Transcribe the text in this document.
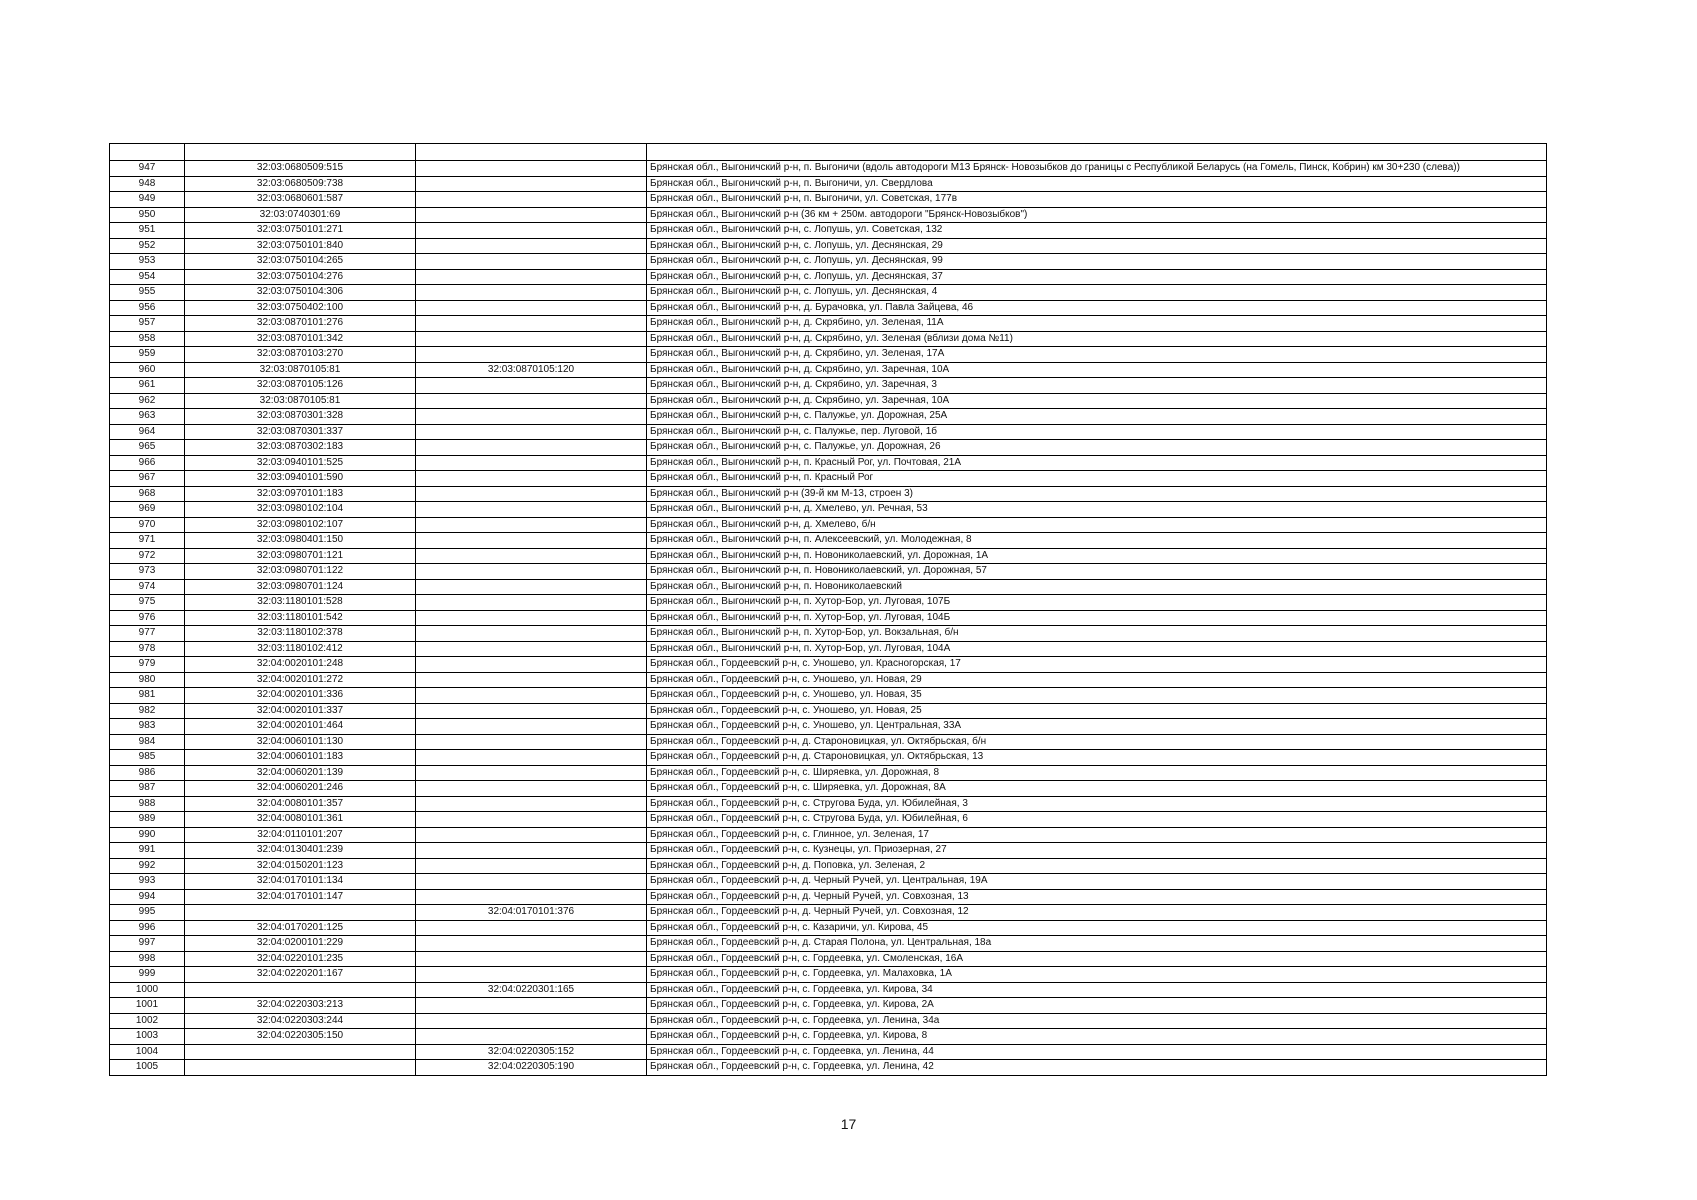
947	32:03:0680509:515		Брянская обл., Выгоничский р-н, п. Выгоничи (вдоль автодороги М13 Брянск- Новозыбков до границы с Республикой Беларусь (на Гомель, Пинск, Кобрин) км 30+230 (слева))
948	32:03:0680509:738		Брянская обл., Выгоничский р-н, п. Выгоничи, ул. Свердлова
949	32:03:0680601:587		Брянская обл., Выгоничский р-н, п. Выгоничи, ул. Советская, 177в
950	32:03:0740301:69		Брянская обл., Выгоничский р-н (36 км + 250м. автодороги "Брянск-Новозыбков")
951	32:03:0750101:271		Брянская обл., Выгоничский р-н, с. Лопушь, ул. Советская, 132
952	32:03:0750101:840		Брянская обл., Выгоничский р-н, с. Лопушь, ул. Деснянская, 29
953	32:03:0750104:265		Брянская обл., Выгоничский р-н, с. Лопушь, ул. Деснянская, 99
954	32:03:0750104:276		Брянская обл., Выгоничский р-н, с. Лопушь, ул. Деснянская, 37
955	32:03:0750104:306		Брянская обл., Выгоничский р-н, с. Лопушь, ул. Деснянская, 4
956	32:03:0750402:100		Брянская обл., Выгоничский р-н, д. Бурачовка, ул. Павла Зайцева, 46
957	32:03:0870101:276		Брянская обл., Выгоничский р-н, д. Скрябино, ул. Зеленая, 11А
958	32:03:0870101:342		Брянская обл., Выгоничский р-н, д. Скрябино, ул. Зеленая (вблизи дома №11)
959	32:03:0870103:270		Брянская обл., Выгоничский р-н, д. Скрябино, ул. Зеленая, 17А
960	32:03:0870105:81	32:03:0870105:120	Брянская обл., Выгоничский р-н, д. Скрябино, ул. Заречная, 10А
961	32:03:0870105:126		Брянская обл., Выгоничский р-н, д. Скрябино, ул. Заречная, 3
962	32:03:0870105:81		Брянская обл., Выгоничский р-н, д. Скрябино, ул. Заречная, 10А
963	32:03:0870301:328		Брянская обл., Выгоничский р-н, с. Палужье, ул. Дорожная, 25А
964	32:03:0870301:337		Брянская обл., Выгоничский р-н, с. Палужье, пер. Луговой, 1б
965	32:03:0870302:183		Брянская обл., Выгоничский р-н, с. Палужье, ул. Дорожная, 26
966	32:03:0940101:525		Брянская обл., Выгоничский р-н, п. Красный Рог, ул. Почтовая, 21А
967	32:03:0940101:590		Брянская обл., Выгоничский р-н, п. Красный Рог
968	32:03:0970101:183		Брянская обл., Выгоничский р-н (39-й км М-13, строен 3)
969	32:03:0980102:104		Брянская обл., Выгоничский р-н, д. Хмелево, ул. Речная, 53
970	32:03:0980102:107		Брянская обл., Выгоничский р-н, д. Хмелево, б/н
971	32:03:0980401:150		Брянская обл., Выгоничский р-н, п. Алексеевский, ул. Молодежная, 8
972	32:03:0980701:121		Брянская обл., Выгоничский р-н, п. Новониколаевский, ул. Дорожная, 1А
973	32:03:0980701:122		Брянская обл., Выгоничский р-н, п. Новониколаевский, ул. Дорожная, 57
974	32:03:0980701:124		Брянская обл., Выгоничский р-н, п. Новониколаевский
975	32:03:1180101:528		Брянская обл., Выгоничский р-н, п. Хутор-Бор, ул. Луговая, 107Б
976	32:03:1180101:542		Брянская обл., Выгоничский р-н, п. Хутор-Бор, ул. Луговая, 104Б
977	32:03:1180102:378		Брянская обл., Выгоничский р-н, п. Хутор-Бор, ул. Вокзальная, б/н
978	32:03:1180102:412		Брянская обл., Выгоничский р-н, п. Хутор-Бор, ул. Луговая, 104А
979	32:04:0020101:248		Брянская обл., Гордеевский р-н, с. Уношево, ул. Красногорская, 17
980	32:04:0020101:272		Брянская обл., Гордеевский р-н, с. Уношево, ул. Новая, 29
981	32:04:0020101:336		Брянская обл., Гордеевский р-н, с. Уношево, ул. Новая, 35
982	32:04:0020101:337		Брянская обл., Гордеевский р-н, с. Уношево, ул. Новая, 25
983	32:04:0020101:464		Брянская обл., Гордеевский р-н, с. Уношево, ул. Центральная, 33А
984	32:04:0060101:130		Брянская обл., Гордеевский р-н, д. Староновицкая, ул. Октябрьская, б/н
985	32:04:0060101:183		Брянская обл., Гордеевский р-н, д. Староновицкая, ул. Октябрьская, 13
986	32:04:0060201:139		Брянская обл., Гордеевский р-н, с. Ширяевка, ул. Дорожная, 8
987	32:04:0060201:246		Брянская обл., Гордеевский р-н, с. Ширяевка, ул. Дорожная, 8А
988	32:04:0080101:357		Брянская обл., Гордеевский р-н, с. Стругова Буда, ул. Юбилейная, 3
989	32:04:0080101:361		Брянская обл., Гордеевский р-н, с. Стругова Буда, ул. Юбилейная, 6
990	32:04:0110101:207		Брянская обл., Гордеевский р-н, с. Глинное, ул. Зеленая, 17
991	32:04:0130401:239		Брянская обл., Гордеевский р-н, с. Кузнецы, ул. Приозерная, 27
992	32:04:0150201:123		Брянская обл., Гордеевский р-н, д. Поповка, ул. Зеленая, 2
993	32:04:0170101:134		Брянская обл., Гордеевский р-н, д. Черный Ручей, ул. Центральная, 19А
994	32:04:0170101:147		Брянская обл., Гордеевский р-н, д. Черный Ручей, ул. Совхозная, 13
995		32:04:0170101:376	Брянская обл., Гордеевский р-н, д. Черный Ручей, ул. Совхозная, 12
996	32:04:0170201:125		Брянская обл., Гордеевский р-н, с. Казаричи, ул. Кирова, 45
997	32:04:0200101:229		Брянская обл., Гордеевский р-н, д. Старая Полона, ул. Центральная, 18а
998	32:04:0220101:235		Брянская обл., Гордеевский р-н, с. Гордеевка, ул. Смоленская, 16А
999	32:04:0220201:167		Брянская обл., Гордеевский р-н, с. Гордеевка, ул. Малаховка, 1А
1000		32:04:0220301:165	Брянская обл., Гордеевский р-н, с. Гордеевка, ул. Кирова, 34
1001	32:04:0220303:213		Брянская обл., Гордеевский р-н, с. Гордеевка, ул. Кирова, 2А
1002	32:04:0220303:244		Брянская обл., Гордеевский р-н, с. Гордеевка, ул. Ленина, 34а
1003	32:04:0220305:150		Брянская обл., Гордеевский р-н, с. Гордеевка, ул. Кирова, 8
1004		32:04:0220305:152	Брянская обл., Гордеевский р-н, с. Гордеевка, ул. Ленина, 44
1005		32:04:0220305:190	Брянская обл., Гордеевский р-н, с. Гордеевка, ул. Ленина, 42
17
